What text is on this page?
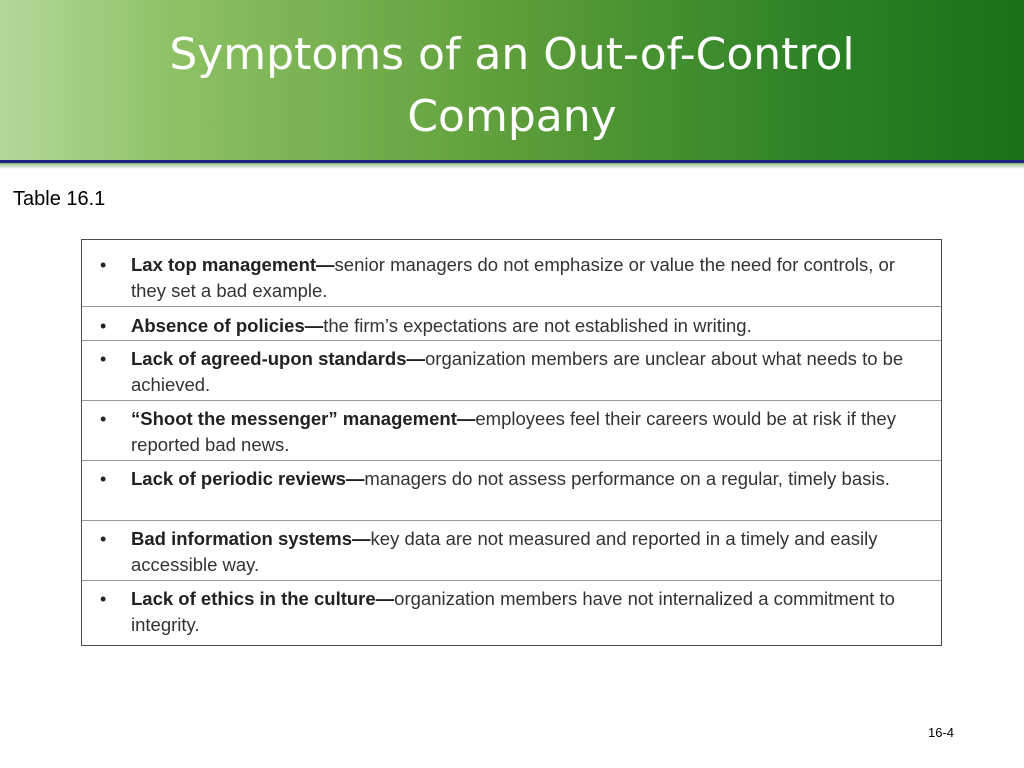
Symptoms of an Out-of-Control
Company
Table 16.1
•	Lax top management—senior managers do not emphasize or value the need for controls, or they set a bad example.
•	Absence of policies—the firm’s expectations are not established in writing.
•	Lack of agreed-upon standards—organization members are unclear about what needs to be achieved.
•	“Shoot the messenger” management—employees feel their careers would be at risk if they reported bad news.
•	Lack of periodic reviews—managers do not assess performance on a regular, timely basis.
•	Bad information systems—key data are not measured and reported in a timely and easily accessible way.
•	Lack of ethics in the culture—organization members have not internalized a commitment to integrity.
16-4
